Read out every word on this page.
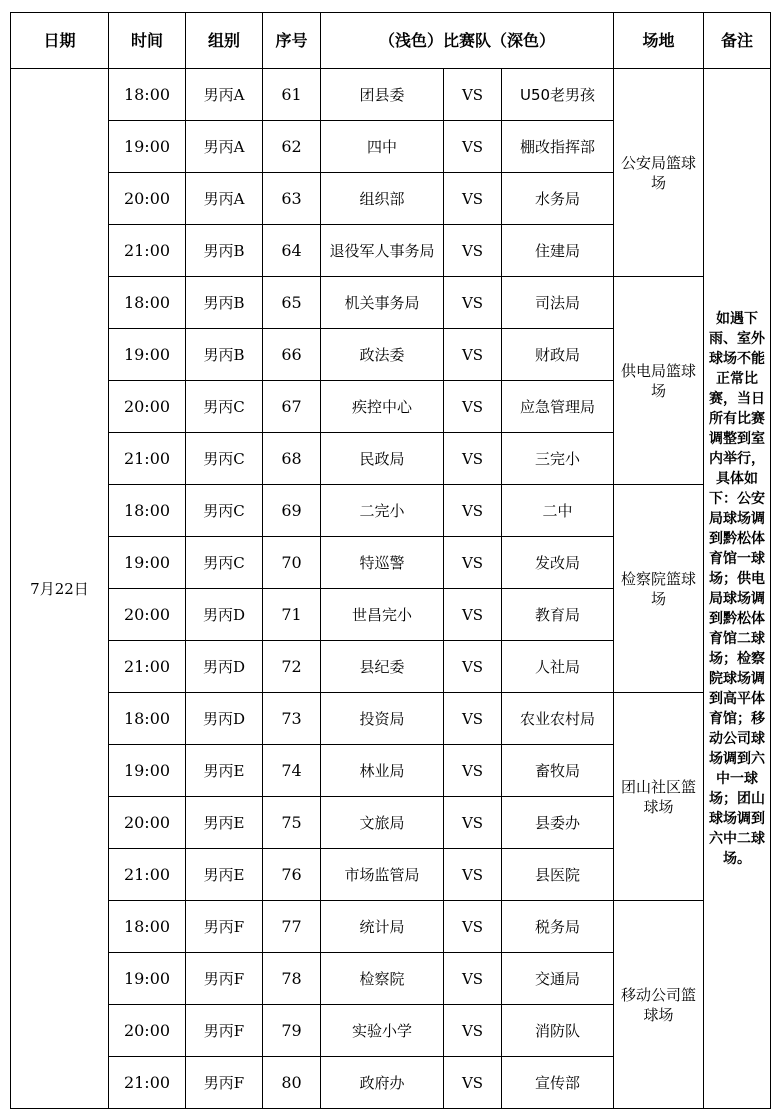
日期	时间	组别	序号	（浅色）比赛队（深色）			场地	备注
7月22日	18:00	男丙A	61	团县委	VS	U50老男孩	公安局篮球场	如遇下雨、室外球场不能正常比赛，当日所有比赛调整到室内举行，具体如下：公安局球场调到黔松体育馆一球场；供电局球场调到黔松体育馆二球场；检察院球场调到高平体育馆；移动公司球场调到六中一球场；团山球场调到六中二球场。
	19:00	男丙A	62	四中	VS	棚改指挥部		
	20:00	男丙A	63	组织部	VS	水务局		
	21:00	男丙B	64	退役军人事务局	VS	住建局		
	18:00	男丙B	65	机关事务局	VS	司法局	供电局篮球场	
	19:00	男丙B	66	政法委	VS	财政局		
	20:00	男丙C	67	疾控中心	VS	应急管理局		
	21:00	男丙C	68	民政局	VS	三完小		
	18:00	男丙C	69	二完小	VS	二中	检察院篮球场	
	19:00	男丙C	70	特巡警	VS	发改局		
	20:00	男丙D	71	世昌完小	VS	教育局		
	21:00	男丙D	72	县纪委	VS	人社局		
	18:00	男丙D	73	投资局	VS	农业农村局	团山社区篮球场	
	19:00	男丙E	74	林业局	VS	畜牧局		
	20:00	男丙E	75	文旅局	VS	县委办		
	21:00	男丙E	76	市场监管局	VS	县医院		
	18:00	男丙F	77	统计局	VS	税务局	移动公司篮球场	
	19:00	男丙F	78	检察院	VS	交通局		
	20:00	男丙F	79	实验小学	VS	消防队		
	21:00	男丙F	80	政府办	VS	宣传部		
